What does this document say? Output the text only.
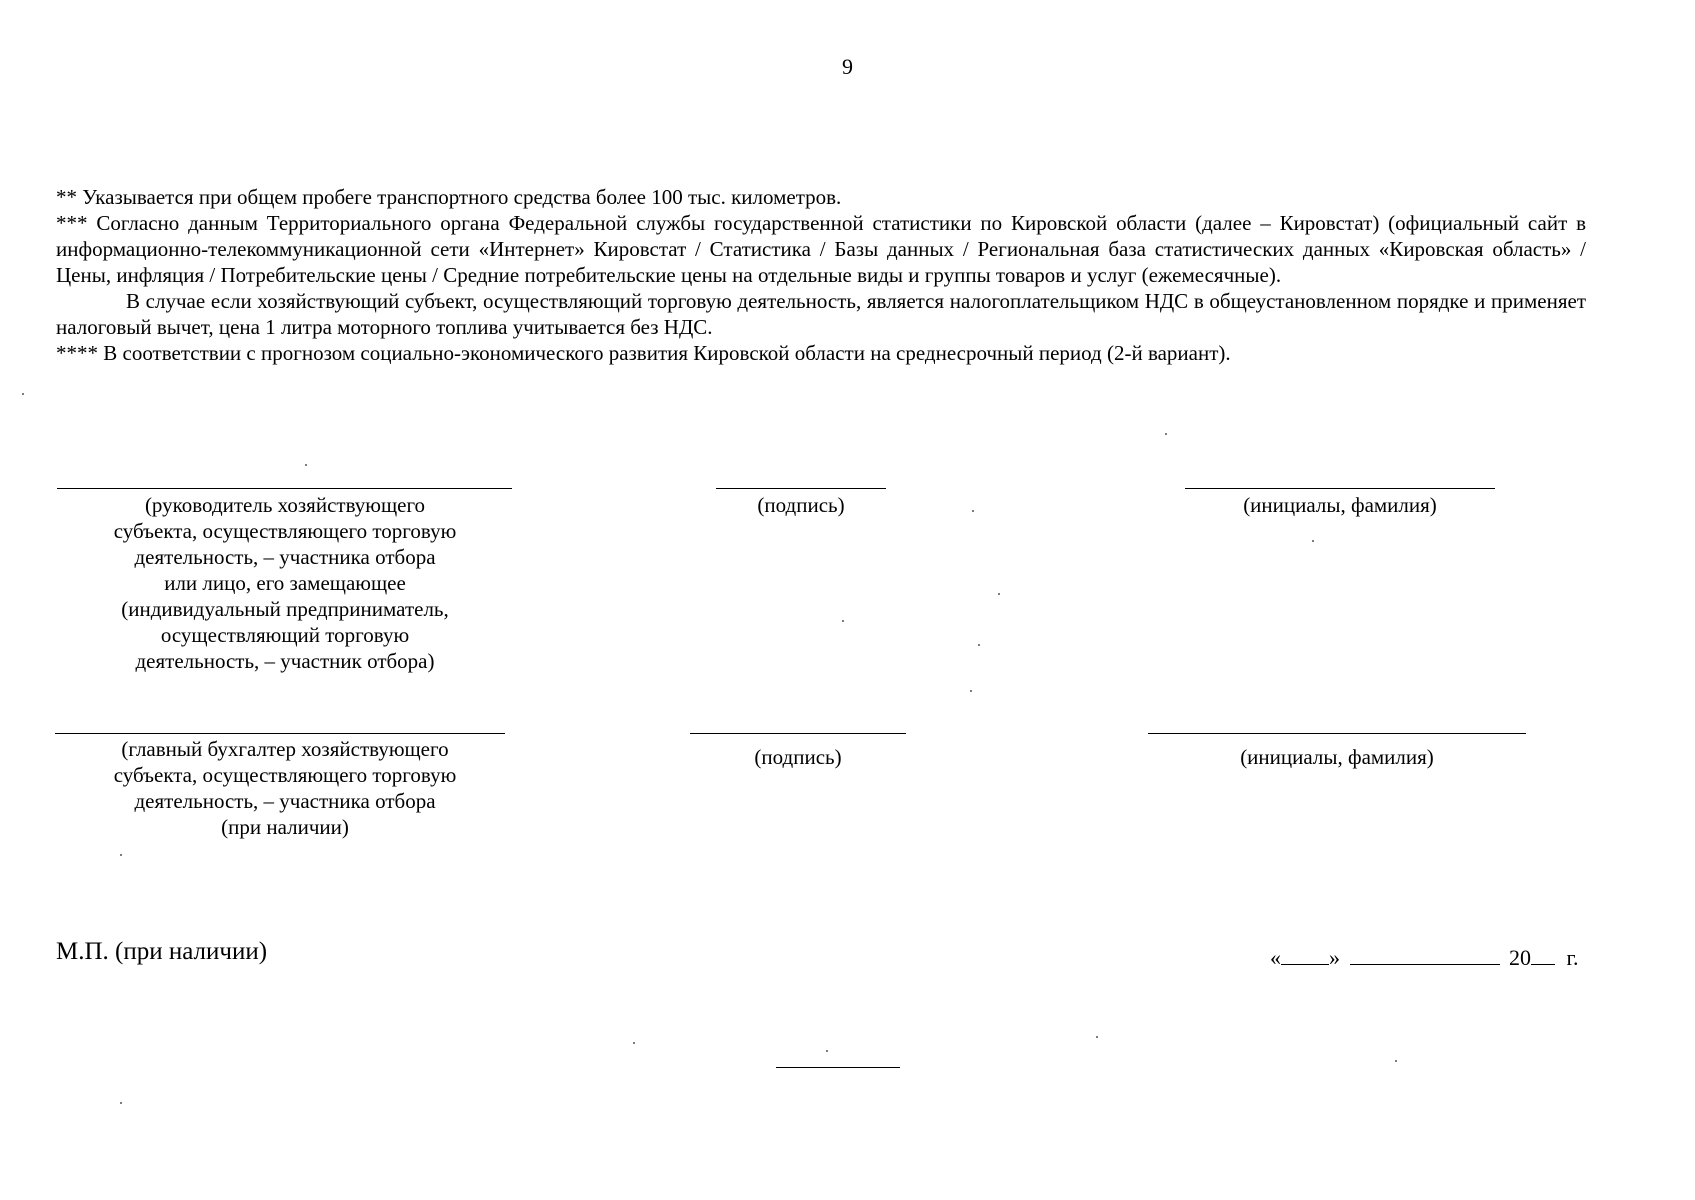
9

** Указывается при общем пробеге транспортного средства более 100 тыс. километров.

*** Согласно данным Территориального органа Федеральной службы государственной статистики по Кировской области (далее – Кировстат) (официальный сайт в информационно-телекоммуникационной сети «Интернет» Кировстат / Статистика / Базы данных / Региональная база статистических данных «Кировская область» / Цены, инфляция / Потребительские цены / Средние потребительские цены на отдельные виды и группы товаров и услуг (ежемесячные).

В случае если хозяйствующий субъект, осуществляющий торговую деятельность, является налогоплательщиком НДС в общеустановленном порядке и применяет налоговый вычет, цена 1 литра моторного топлива учитывается без НДС.

**** В соответствии с прогнозом социально-экономического развития Кировской области на среднесрочный период (2-й вариант).

(руководитель хозяйствующего
субъекта, осуществляющего торговую
деятельность, – участника отбора
или лицо, его замещающее
(индивидуальный предприниматель,
осуществляющий торговую
деятельность, – участник отбора)
(подпись)	(инициалы, фамилия)
(главный бухгалтер хозяйствующего
субъекта, осуществляющего торговую
деятельность, – участника отбора
(при наличии)
(подпись)	(инициалы, фамилия)
М.П. (при наличии)	« »	20 г.
